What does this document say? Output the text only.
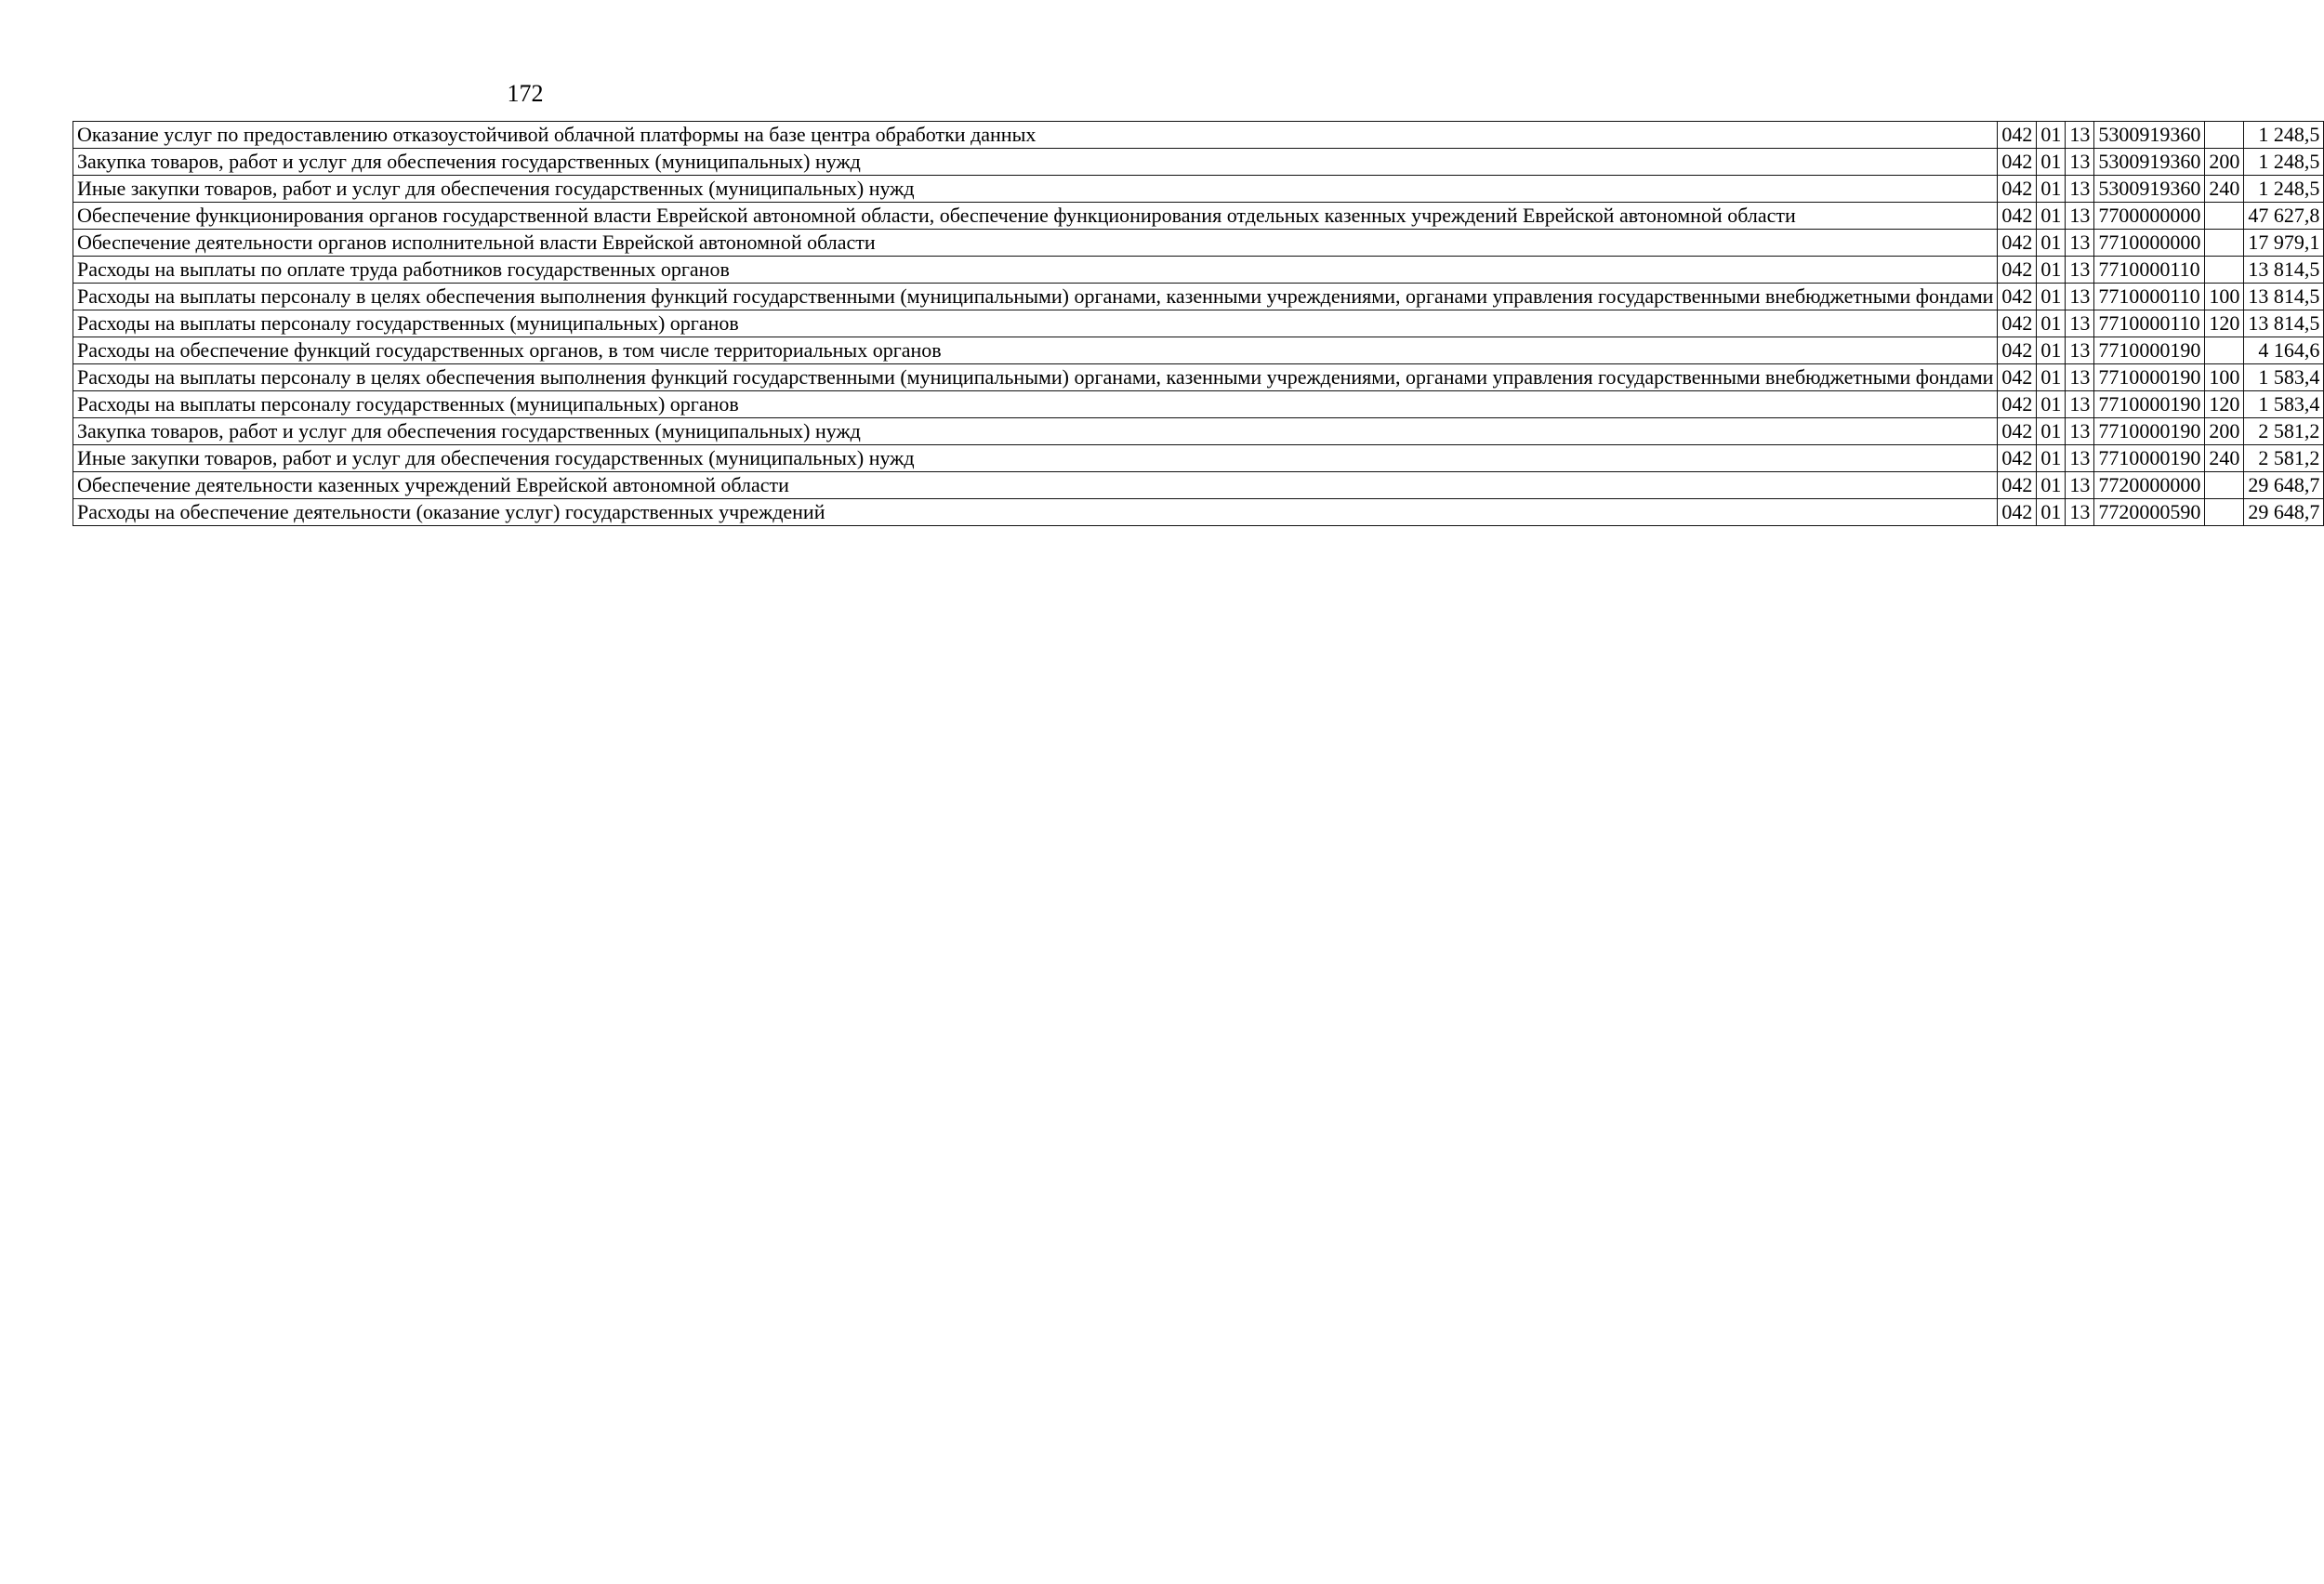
172
Оказание услуг по предоставлению отказоустойчивой облачной платформы на базе центра обработки данных	042	01	13	5300919360		1 248,5
Закупка товаров, работ и услуг для обеспечения государственных (муниципальных) нужд	042	01	13	5300919360	200	1 248,5
Иные закупки товаров, работ и услуг для обеспечения государственных (муниципальных) нужд	042	01	13	5300919360	240	1 248,5
Обеспечение функционирования органов государственной власти Еврейской автономной области, обеспечение функционирования отдельных казенных учреждений Еврейской автономной области	042	01	13	7700000000		47 627,8
Обеспечение деятельности органов исполнительной власти Еврейской автономной области	042	01	13	7710000000		17 979,1
Расходы на выплаты по оплате труда работников государственных органов	042	01	13	7710000110		13 814,5
Расходы на выплаты персоналу в целях обеспечения выполнения функций государственными (муниципальными) органами, казенными учреждениями, органами управления государственными внебюджетными фондами	042	01	13	7710000110	100	13 814,5
Расходы на выплаты персоналу государственных (муниципальных) органов	042	01	13	7710000110	120	13 814,5
Расходы на обеспечение функций государственных органов, в том числе территориальных органов	042	01	13	7710000190		4 164,6
Расходы на выплаты персоналу в целях обеспечения выполнения функций государственными (муниципальными) органами, казенными учреждениями, органами управления государственными внебюджетными фондами	042	01	13	7710000190	100	1 583,4
Расходы на выплаты персоналу государственных (муниципальных) органов	042	01	13	7710000190	120	1 583,4
Закупка товаров, работ и услуг для обеспечения государственных (муниципальных) нужд	042	01	13	7710000190	200	2 581,2
Иные закупки товаров, работ и услуг для обеспечения государственных (муниципальных) нужд	042	01	13	7710000190	240	2 581,2
Обеспечение деятельности казенных учреждений Еврейской автономной области	042	01	13	7720000000		29 648,7
Расходы на обеспечение деятельности (оказание услуг) государственных учреждений	042	01	13	7720000590		29 648,7
